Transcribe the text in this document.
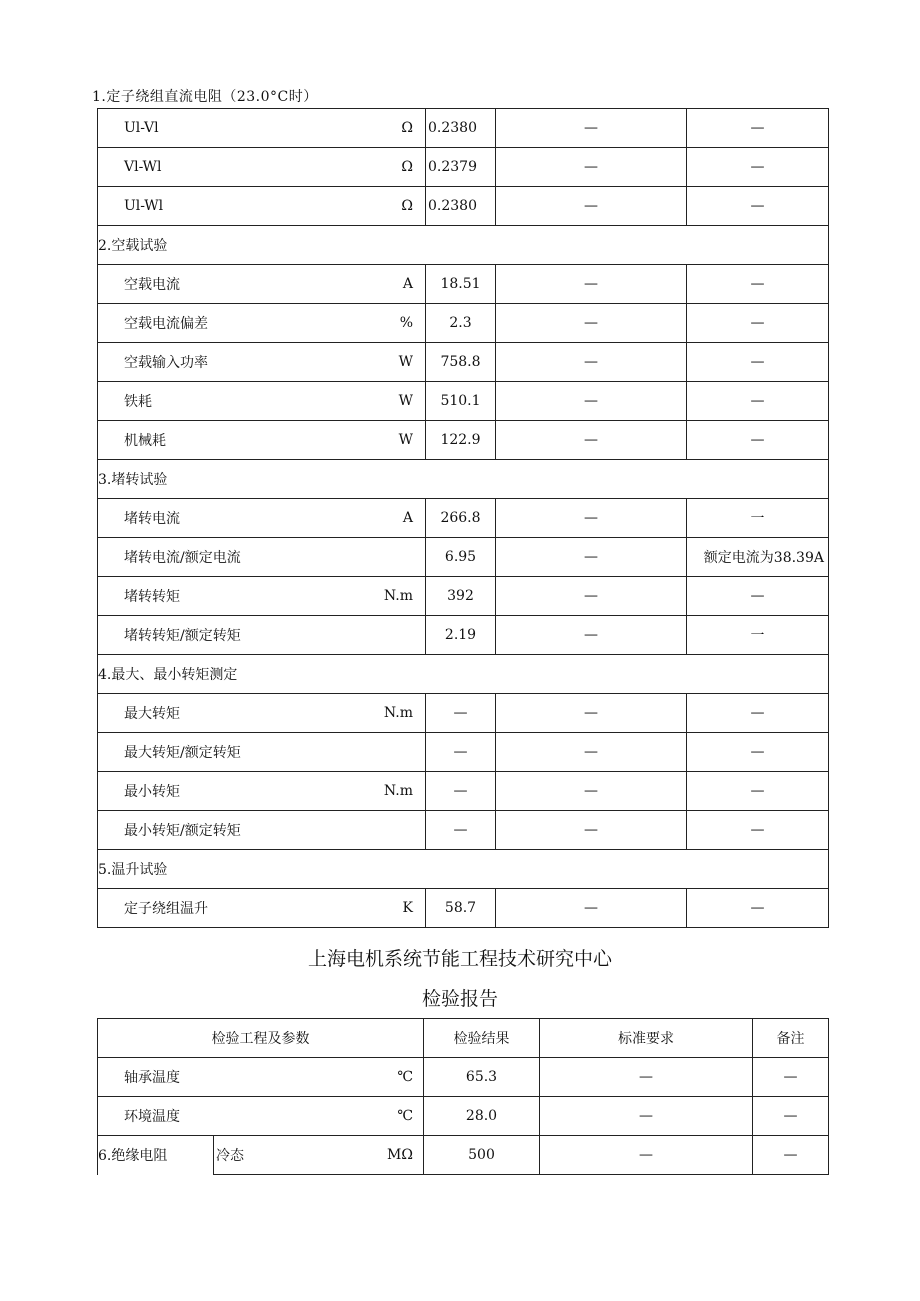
1.定子绕组直流电阻（23.0°C时）
Ul-Vl	Ω	0.2380	—	—
Vl-Wl	Ω	0.2379	—	—
Ul-Wl	Ω	0.2380	—	—
2.空载试验				
空载电流	A	18.51	—	—
空载电流偏差	%	2.3	—	—
空载输入功率	W	758.8	—	—
铁耗	W	510.1	—	—
机械耗	W	122.9	—	—
3.堵转试验				
堵转电流	A	266.8	—	一
堵转电流/额定电流		6.95	—	额定电流为38.39A
堵转转矩	N.m	392	—	—
堵转转矩/额定转矩		2.19	—	一
4.最大、最小转矩测定				
最大转矩	N.m	—	—	—
最大转矩/额定转矩		—	—	—
最小转矩	N.m	—	—	—
最小转矩/额定转矩		—	—	—
5.温升试验				
定子绕组温升	K	58.7	—	—
上海电机系统节能工程技术研究中心
检验报告
检验工程及参数			检验结果	标准要求	备注
轴承温度		℃	65.3	—	—
环境温度		℃	28.0	—	—
6.绝缘电阻	冷态	MΩ	500	—	—
